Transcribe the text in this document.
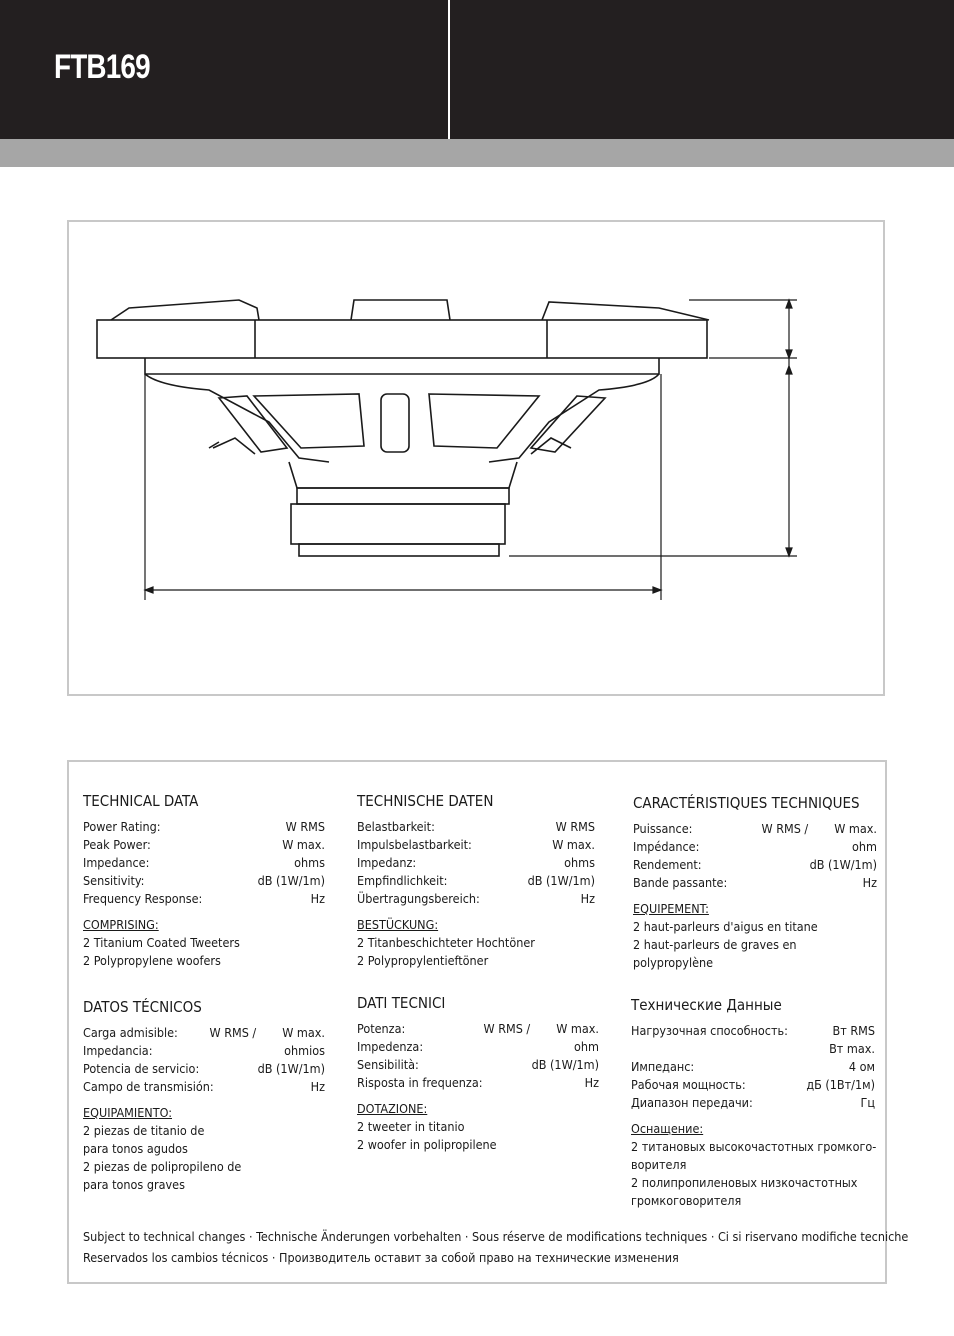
FTB169
TECHNICAL DATA
Power Rating:	W RMS
Peak Power:	W max.
Impedance:	ohms
Sensitivity:	dB (1W/1m)
Frequency Response:	Hz
COMPRISING:
2 Titanium Coated Tweeters
2 Polypropylene woofers
TECHNISCHE DATEN
Belastbarkeit:	W RMS
Impulsbelastbarkeit:	W max.
Impedanz:	ohms
Empfindlichkeit:	dB (1W/1m)
Übertragungsbereich:	Hz
BESTÜCKUNG:
2 Titanbeschichteter Hochtöner
2 Polypropylentieftöner
CARACTÉRISTIQUES TECHNIQUES
Puissance:	W RMS / W max.
Impédance:	ohm
Rendement:	dB (1W/1m)
Bande passante:	Hz
EQUIPEMENT:
2 haut-parleurs d'aigus en titane
2 haut-parleurs de graves en
polypropylène
DATOS TÉCNICOS
Carga admisible:	W RMS / W max.
Impedancia:	ohmios
Potencia de servicio:	dB (1W/1m)
Campo de transmisión:	Hz
EQUIPAMIENTO:
2 piezas de titanio de
para tonos agudos
2 piezas de polipropileno de
para tonos graves
DATI TECNICI
Potenza:	W RMS / W max.
Impedenza:	ohm
Sensibilità:	dB (1W/1m)
Risposta in frequenza:	Hz
DOTAZIONE:
2 tweeter in titanio
2 woofer in polipropilene
Технические Данные
Нагрузочная способность:	Вт RMS
Вт max.
Импеданс:	4 ом
Рабочая мощность:	дБ (1Вт/1м)
Диапазон передачи:	Гц
Оснащение:
2 титановых высокочастотных громкого-
ворителя
2 полипропиленовых низкочастотных
громкоговорителя
Subject to technical changes · Technische Änderungen vorbehalten · Sous réserve de modifications techniques · Ci si riservano modifiche tecniche
Reservados los cambios técnicos · Производитель оставит за собой право на технические изменения
